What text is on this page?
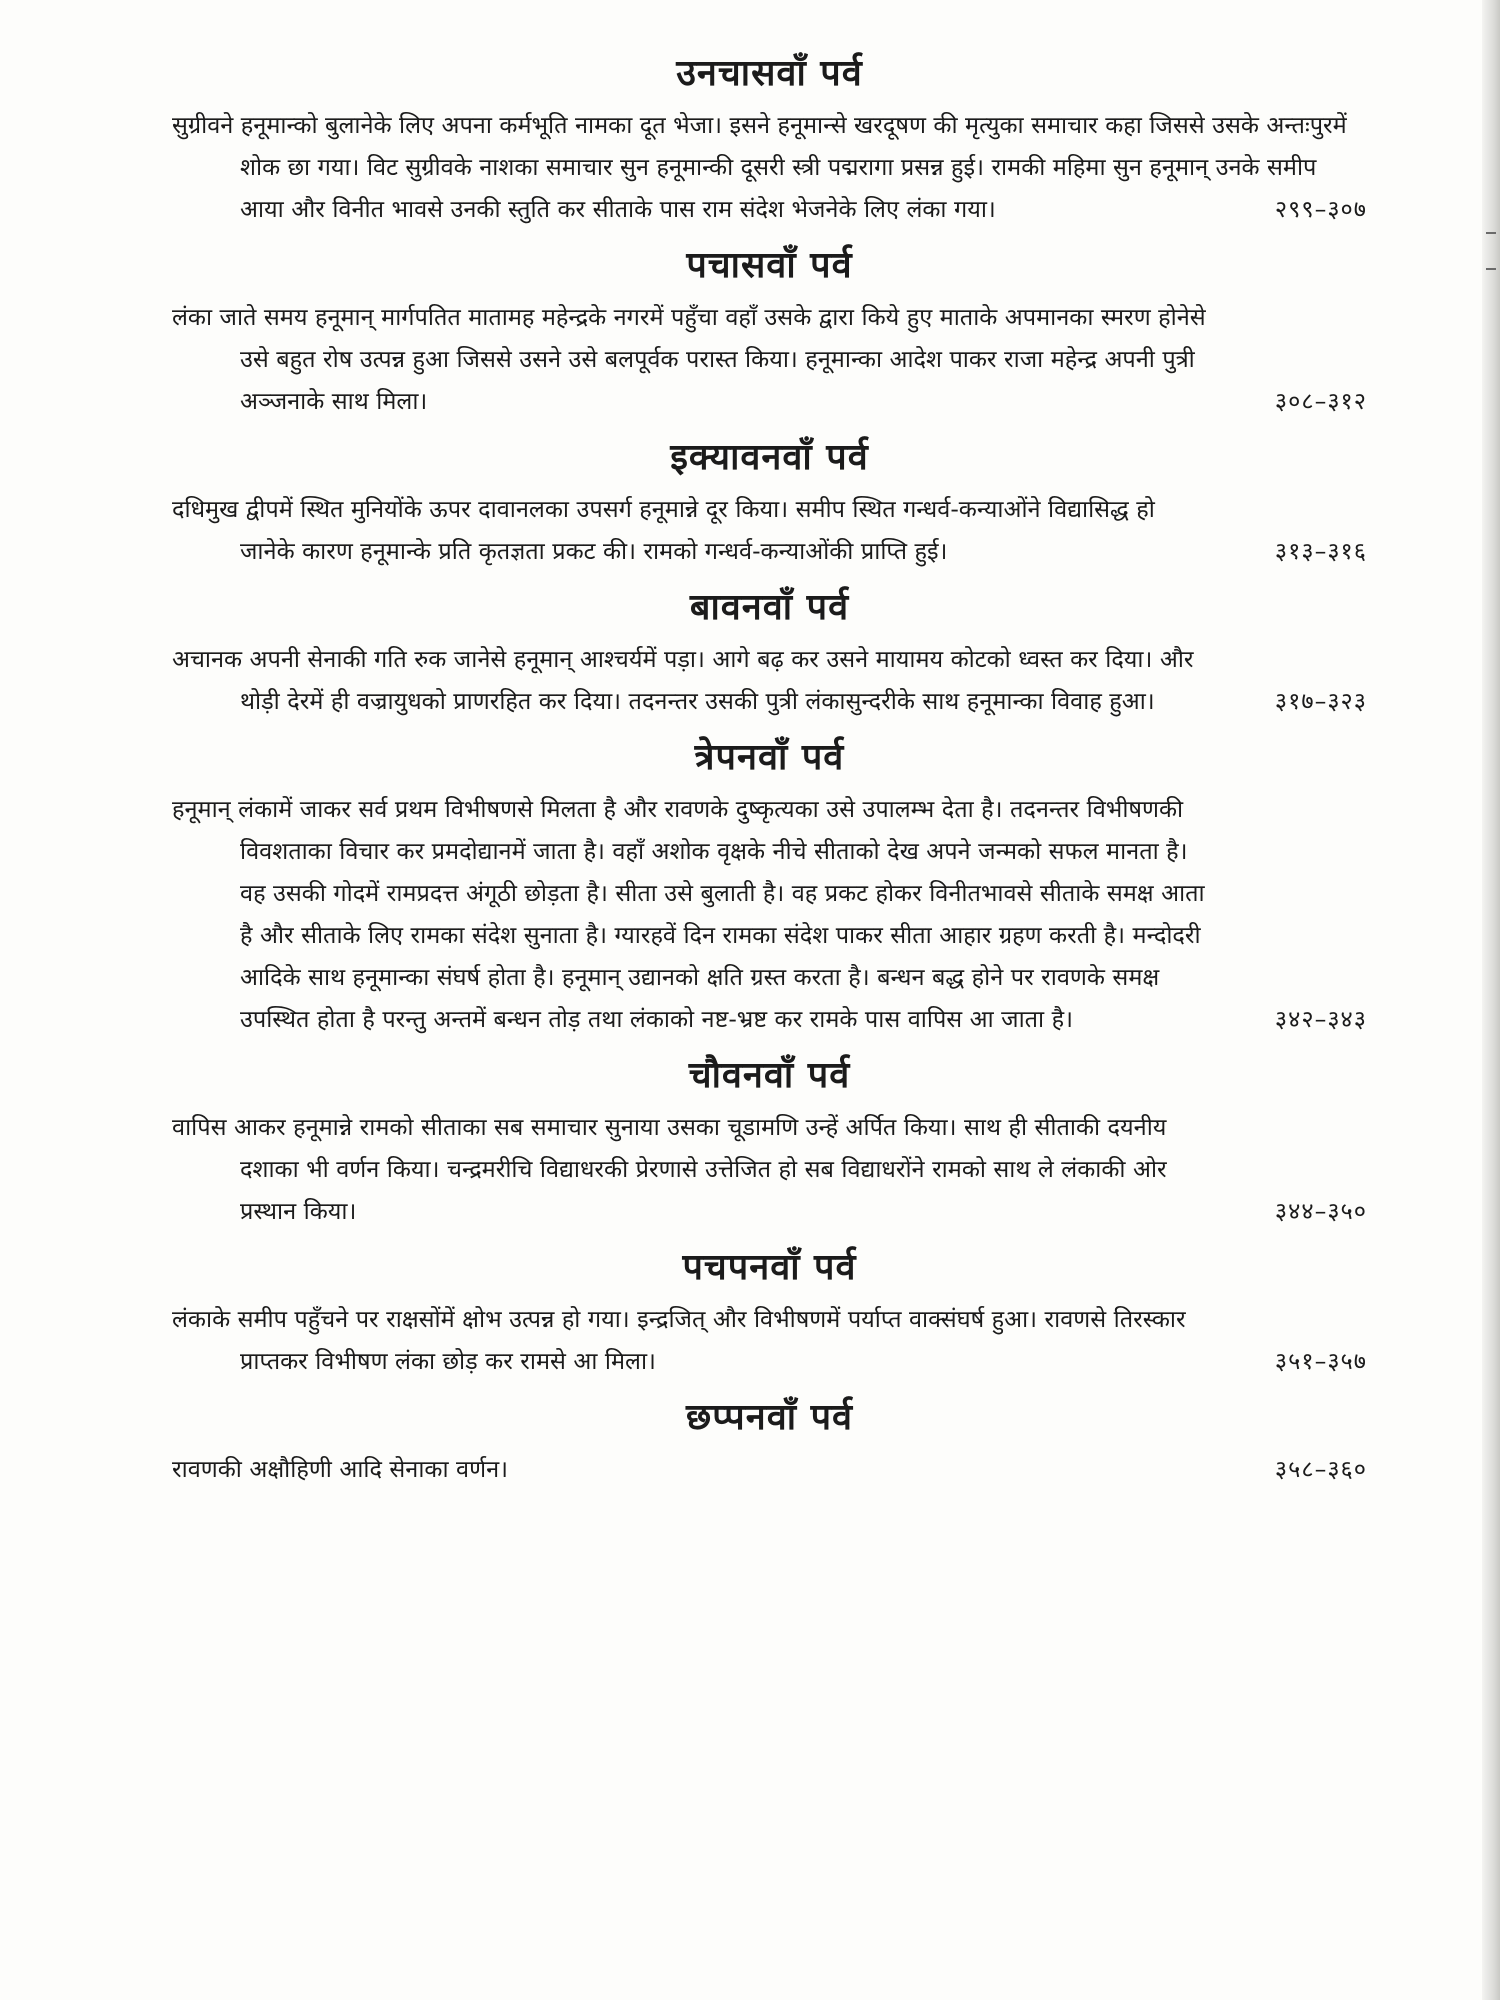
उनचासवाँ पर्व
सुग्रीवने हनूमान्को बुलानेके लिए अपना कर्मभूति नामका दूत भेजा। इसने हनूमान्से खरदूषण की मृत्युका समाचार कहा जिससे उसके अन्तःपुरमें शोक छा गया। विट सुग्रीवके नाशका समाचार सुन हनूमान्की दूसरी स्त्री पद्मरागा प्रसन्न हुई। रामकी महिमा सुन हनूमान् उनके समीप आया और विनीत भावसे उनकी स्तुति कर सीताके पास राम संदेश भेजनेके लिए लंका गया।	२९९–३०७
पचासवाँ पर्व
लंका जाते समय हनूमान् मार्गपतित मातामह महेन्द्रके नगरमें पहुँचा वहाँ उसके द्वारा किये हुए माताके अपमानका स्मरण होनेसे उसे बहुत रोष उत्पन्न हुआ जिससे उसने उसे बलपूर्वक परास्त किया। हनूमान्का आदेश पाकर राजा महेन्द्र अपनी पुत्री अञ्जनाके साथ मिला।	३०८–३१२
इक्यावनवाँ पर्व
दधिमुख द्वीपमें स्थित मुनियोंके ऊपर दावानलका उपसर्ग हनूमान्ने दूर किया। समीप स्थित गन्धर्व-कन्याओंने विद्यासिद्ध हो जानेके कारण हनूमान्के प्रति कृतज्ञता प्रकट की। रामको गन्धर्व-कन्याओंकी प्राप्ति हुई।	३१३–३१६
बावनवाँ पर्व
अचानक अपनी सेनाकी गति रुक जानेसे हनूमान् आश्चर्यमें पड़ा। आगे बढ़ कर उसने मायामय कोटको ध्वस्त कर दिया। और थोड़ी देरमें ही वज्रायुधको प्राणरहित कर दिया। तदनन्तर उसकी पुत्री लंकासुन्दरीके साथ हनूमान्का विवाह हुआ।	३१७–३२३
त्रेपनवाँ पर्व
हनूमान् लंकामें जाकर सर्व प्रथम विभीषणसे मिलता है और रावणके दुष्कृत्यका उसे उपालम्भ देता है। तदनन्तर विभीषणकी विवशताका विचार कर प्रमदोद्यानमें जाता है। वहाँ अशोक वृक्षके नीचे सीताको देख अपने जन्मको सफल मानता है। वह उसकी गोदमें रामप्रदत्त अंगूठी छोड़ता है। सीता उसे बुलाती है। वह प्रकट होकर विनीतभावसे सीताके समक्ष आता है और सीताके लिए रामका संदेश सुनाता है। ग्यारहवें दिन रामका संदेश पाकर सीता आहार ग्रहण करती है। मन्दोदरी आदिके साथ हनूमान्का संघर्ष होता है। हनूमान् उद्यानको क्षति ग्रस्त करता है। बन्धन बद्ध होने पर रावणके समक्ष उपस्थित होता है परन्तु अन्तमें बन्धन तोड़ तथा लंकाको नष्ट-भ्रष्ट कर रामके पास वापिस आ जाता है।	३४२–३४३
चौवनवाँ पर्व
वापिस आकर हनूमान्ने रामको सीताका सब समाचार सुनाया उसका चूडामणि उन्हें अर्पित किया। साथ ही सीताकी दयनीय दशाका भी वर्णन किया। चन्द्रमरीचि विद्याधरकी प्रेरणासे उत्तेजित हो सब विद्याधरोंने रामको साथ ले लंकाकी ओर प्रस्थान किया।	३४४–३५०
पचपनवाँ पर्व
लंकाके समीप पहुँचने पर राक्षसोंमें क्षोभ उत्पन्न हो गया। इन्द्रजित् और विभीषणमें पर्याप्त वाक्संघर्ष हुआ। रावणसे तिरस्कार प्राप्तकर विभीषण लंका छोड़ कर रामसे आ मिला।	३५१–३५७
छप्पनवाँ पर्व
रावणकी अक्षौहिणी आदि सेनाका वर्णन।	३५८–३६०
